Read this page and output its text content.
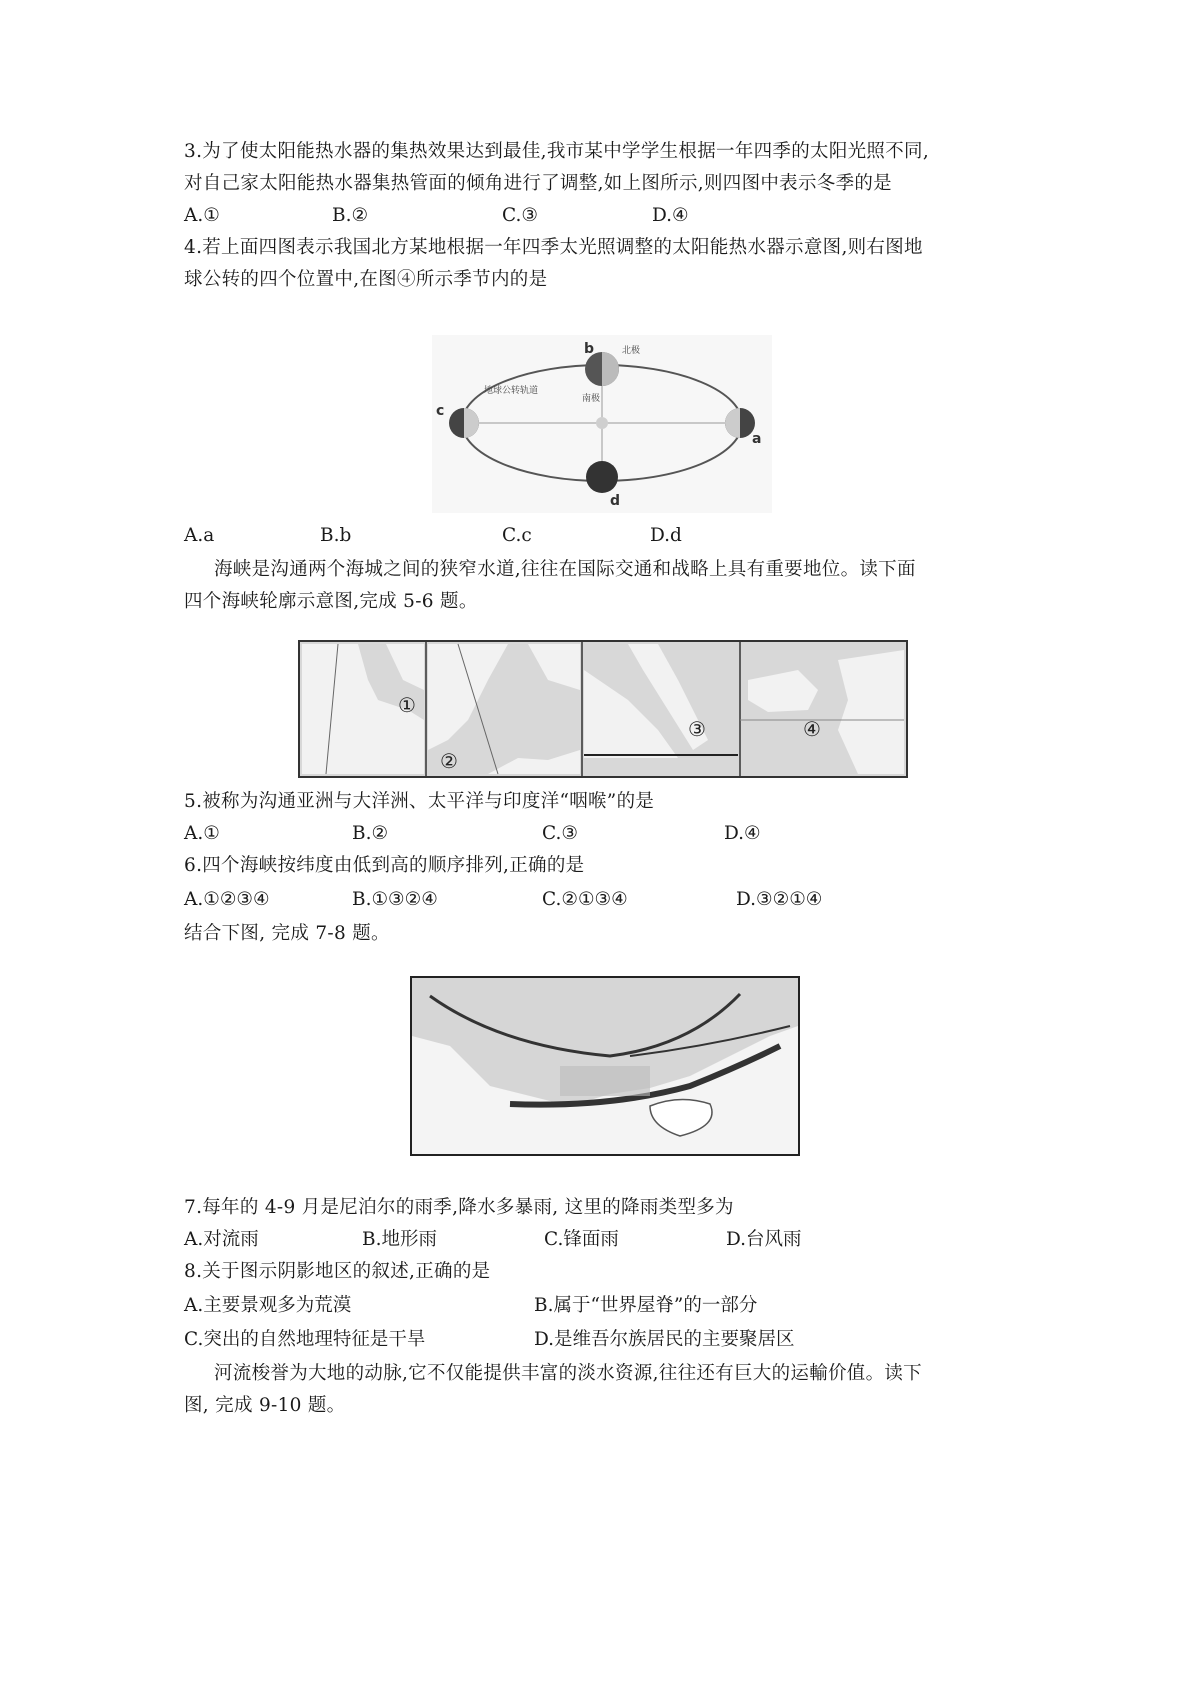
3.为了使太阳能热水器的集热效果达到最佳,我市某中学学生根据一年四季的太阳光照不同,
对自己家太阳能热水器集热管面的倾角进行了调整,如上图所示,则四图中表示冬季的是
A.①	B.②	C.③	D.④
4.若上面四图表示我国北方某地根据一年四季太光照调整的太阳能热水器示意图,则右图地
球公转的四个位置中,在图④所示季节内的是
b
c
a
d
北极
地球公转轨道
南极
A.a	B.b	C.c	D.d
海峡是沟通两个海城之间的狭窄水道,往往在国际交通和战略上具有重要地位。读下面
四个海峡轮廓示意图,完成 5-6 题。
①
②
③	④
5.被称为沟通亚洲与大洋洲、太平洋与印度洋“咽喉”的是
A.①	B.②	C.③	D.④
6.四个海峡按纬度由低到高的顺序排列,正确的是
A.①②③④	B.①③②④	C.②①③④	D.③②①④
结合下图, 完成 7-8 题。
7.每年的 4-9 月是尼泊尔的雨季,降水多暴雨, 这里的降雨类型多为
A.对流雨	B.地形雨	C.锋面雨	D.台风雨
8.关于图示阴影地区的叙述,正确的是
A.主要景观多为荒漠	B.属于“世界屋脊”的一部分
C.突出的自然地理特征是干旱	D.是维吾尔族居民的主要聚居区
河流梭誉为大地的动脉,它不仅能提供丰富的淡水资源,往往还有巨大的运輸价值。读下
图, 完成 9-10 题。
